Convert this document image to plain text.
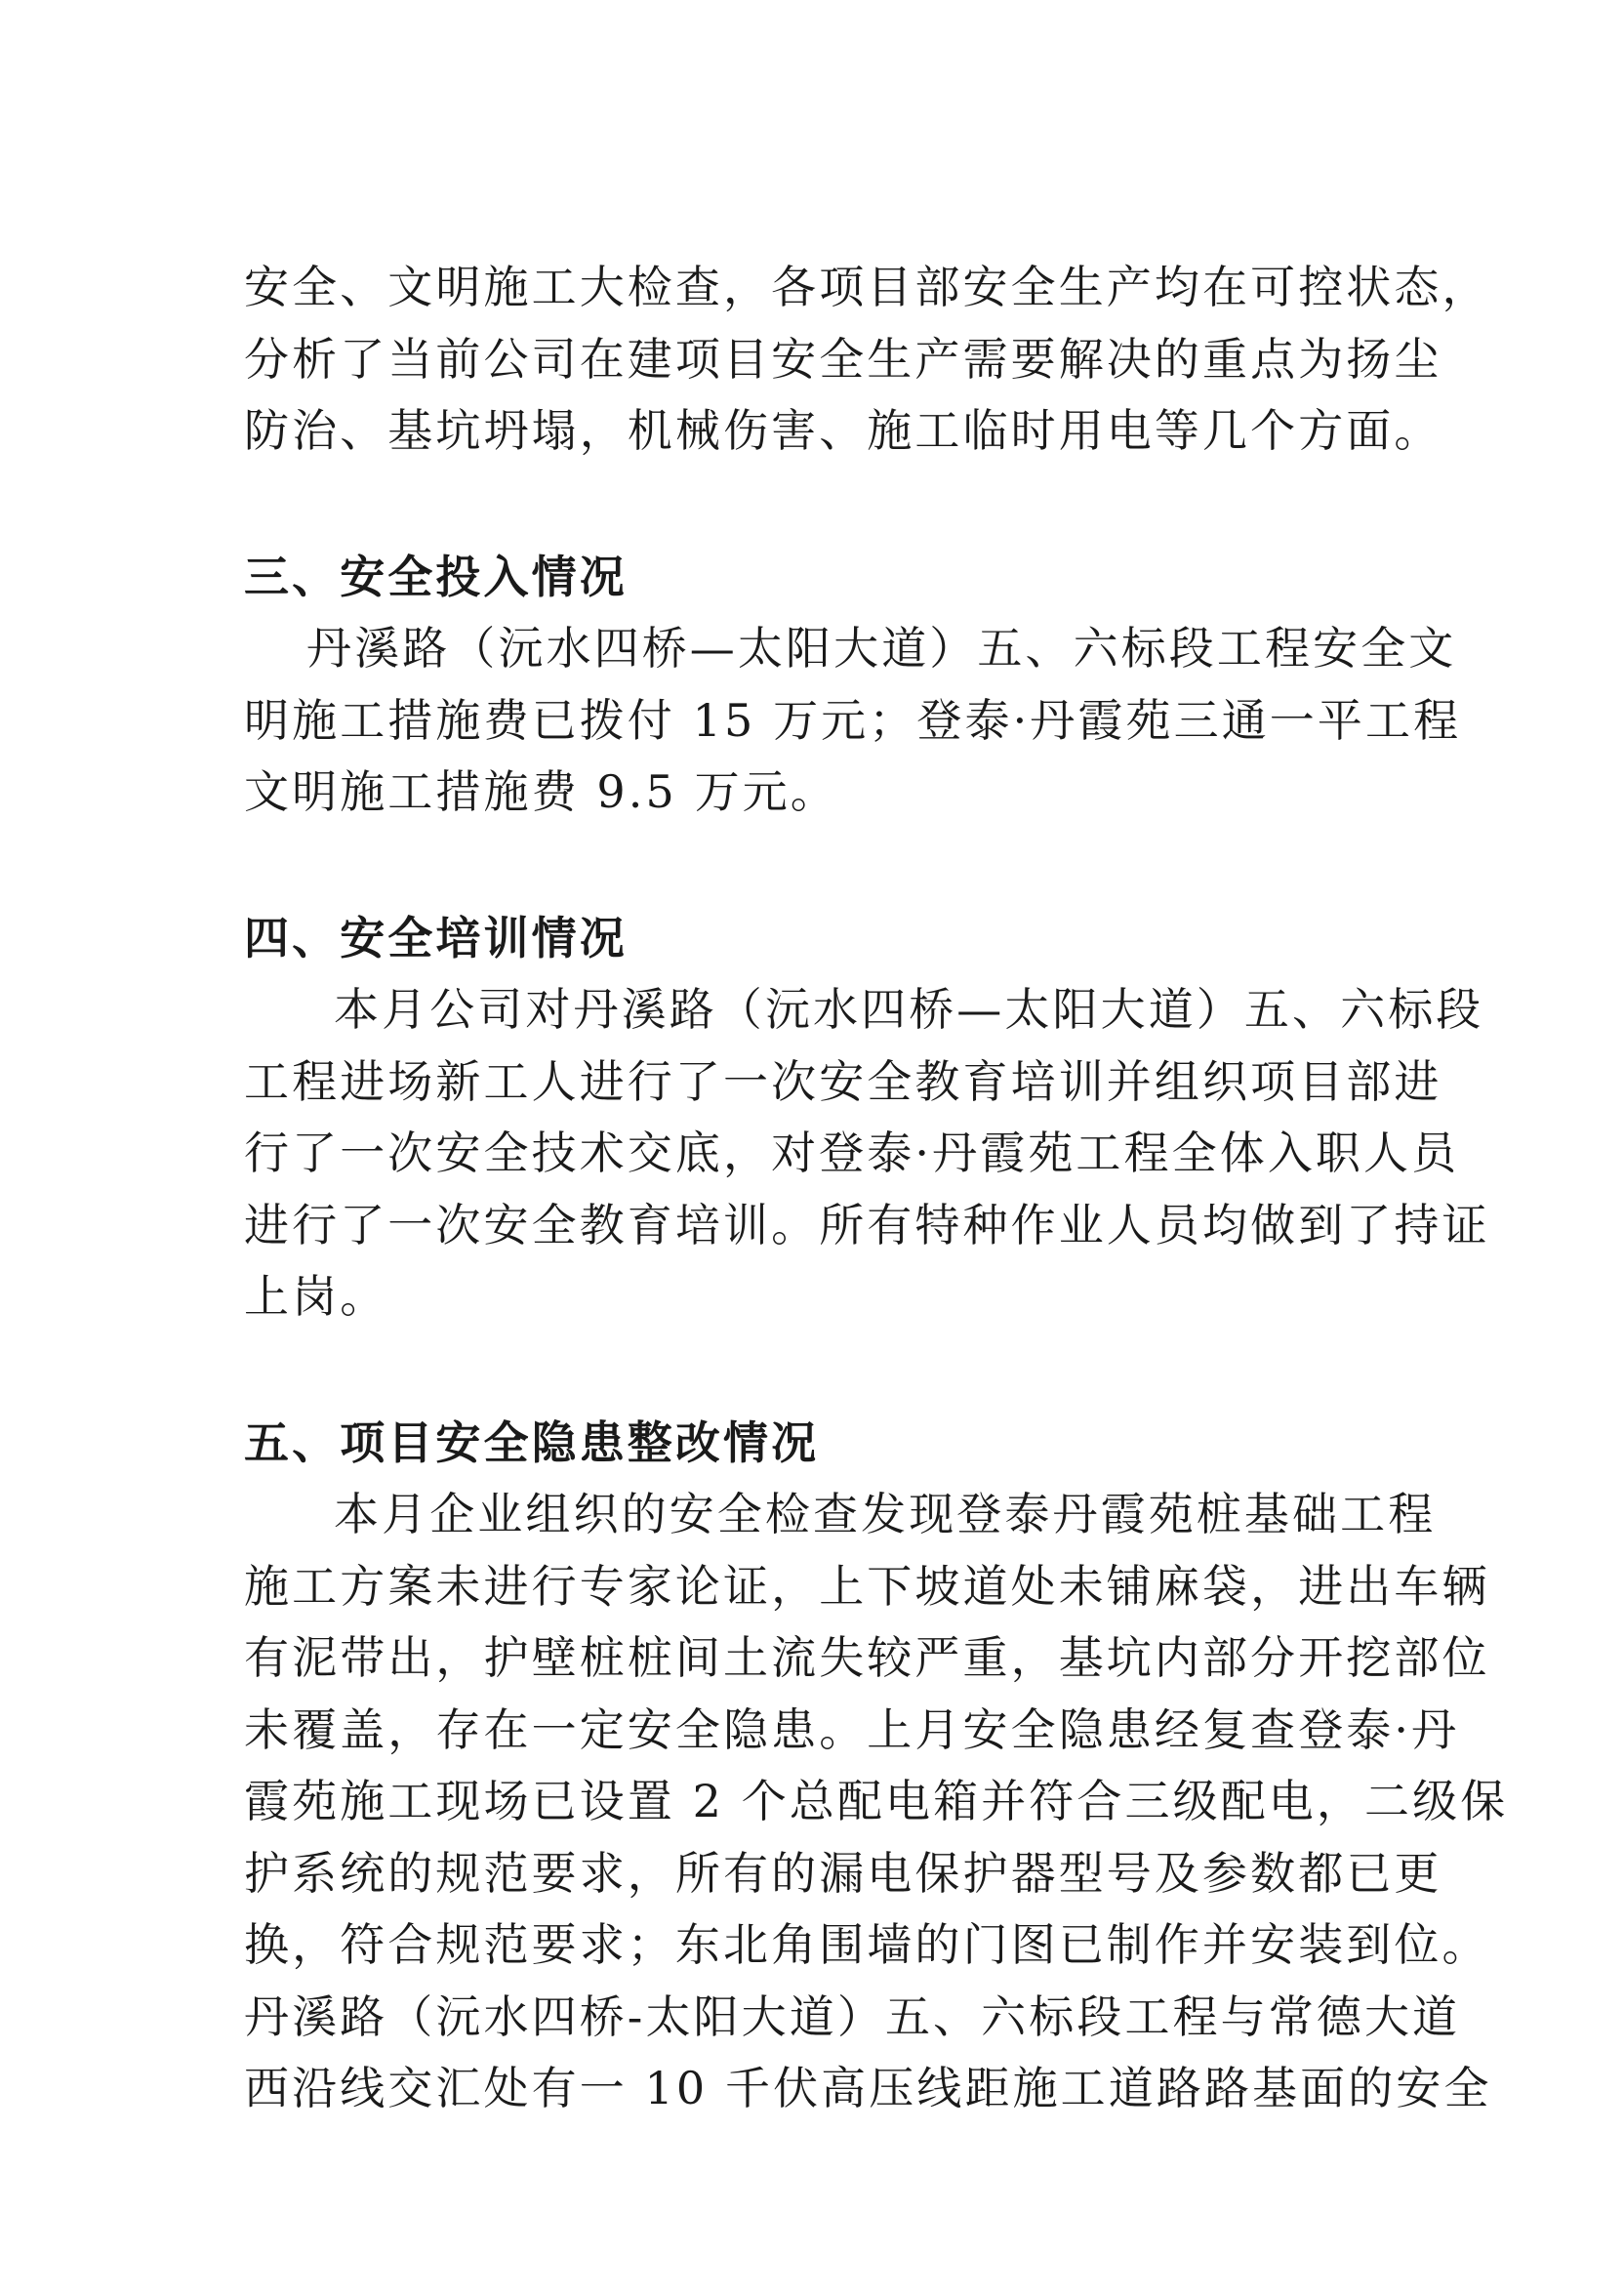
安全、文明施工大检查，各项目部安全生产均在可控状态，
分析了当前公司在建项目安全生产需要解决的重点为扬尘
防治、基坑坍塌，机械伤害、施工临时用电等几个方面。
三、安全投入情况
丹溪路（沅水四桥—太阳大道）五、六标段工程安全文
明施工措施费已拨付 15 万元；登泰·丹霞苑三通一平工程
文明施工措施费 9.5 万元。
四、安全培训情况
本月公司对丹溪路（沅水四桥—太阳大道）五、六标段
工程进场新工人进行了一次安全教育培训并组织项目部进
行了一次安全技术交底，对登泰·丹霞苑工程全体入职人员
进行了一次安全教育培训。所有特种作业人员均做到了持证
上岗。
五、项目安全隐患整改情况
本月企业组织的安全检查发现登泰丹霞苑桩基础工程
施工方案未进行专家论证，上下坡道处未铺麻袋，进出车辆
有泥带出，护壁桩桩间土流失较严重，基坑内部分开挖部位
未覆盖，存在一定安全隐患。上月安全隐患经复查登泰·丹
霞苑施工现场已设置 2 个总配电箱并符合三级配电，二级保
护系统的规范要求，所有的漏电保护器型号及参数都已更
换，符合规范要求；东北角围墙的门图已制作并安装到位。
丹溪路（沅水四桥-太阳大道）五、六标段工程与常德大道
西沿线交汇处有一 10 千伏高压线距施工道路路基面的安全
